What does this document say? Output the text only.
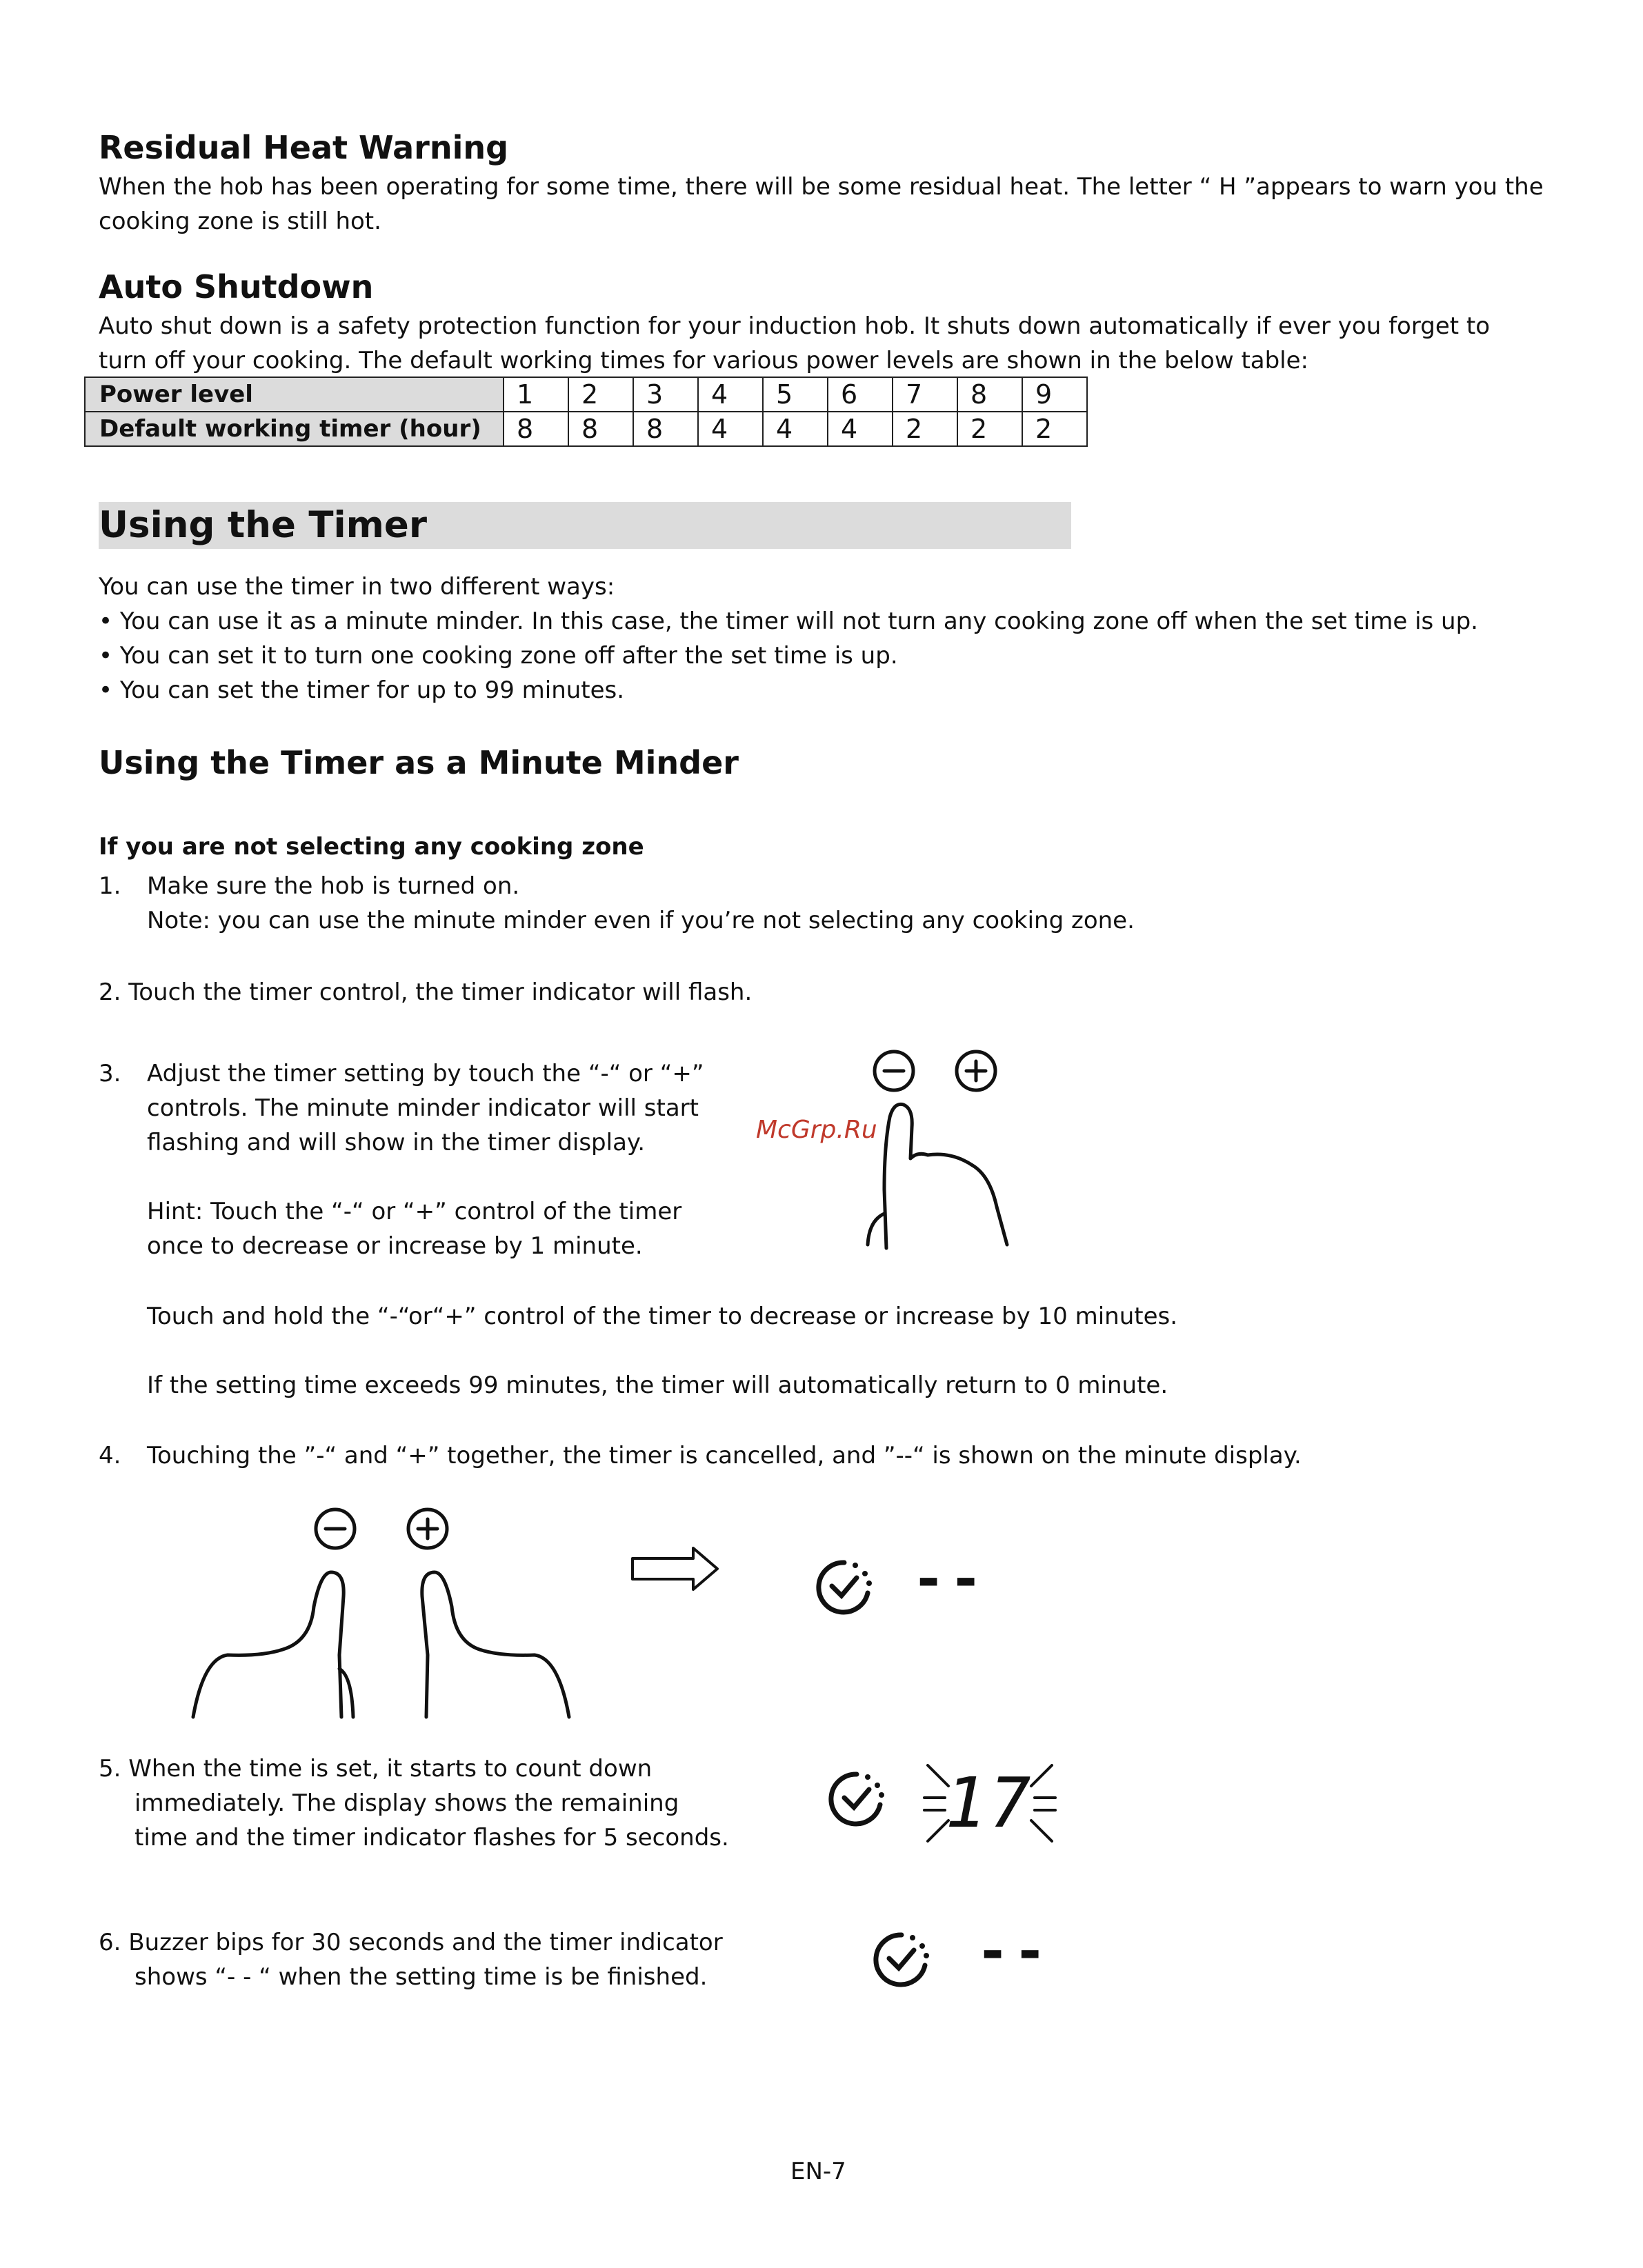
Residual Heat Warning

When the hob has been operating for some time, there will be some residual heat. The letter “ H ”appears to warn you the

cooking zone is still hot.

Auto Shutdown

Auto shut down is a safety protection function for your induction hob. It shuts down automatically if ever you forget to

turn off your cooking. The default working times for various power levels are shown in the below table:

Power level	1	2	3	4	5	6	7	8	9
Default working timer (hour)	8	8	8	4	4	4	2	2	2
Using the Timer

You can use the timer in two different ways:

• You can use it as a minute minder. In this case, the timer will not turn any cooking zone off when the set time is up.

• You can set it to turn one cooking zone off after the set time is up.

• You can set the timer for up to 99 minutes.

Using the Timer as a Minute Minder

If you are not selecting any cooking zone

1. Make sure the hob is turned on.

Note: you can use the minute minder even if you’re not selecting any cooking zone.

2. Touch the timer control, the timer indicator will flash.

3. Adjust the timer setting by touch the “-“ or “+”

controls. The minute minder indicator will start

flashing and will show in the timer display.

Hint: Touch the “-“ or “+” control of the timer

once to decrease or increase by 1 minute.

Touch and hold the “-“or“+” control of the timer to decrease or increase by 10 minutes.

If the setting time exceeds 99 minutes, the timer will automatically return to 0 minute.

4. Touching the ”-“ and “+” together, the timer is cancelled, and ”--“ is shown on the minute display.

5. When the time is set, it starts to count down

immediately. The display shows the remaining

time and the timer indicator flashes for 5 seconds.

6. Buzzer bips for 30 seconds and the timer indicator

shows “- - “ when the setting time is be finished.

McGrp.Ru
--
17
--

EN-7
